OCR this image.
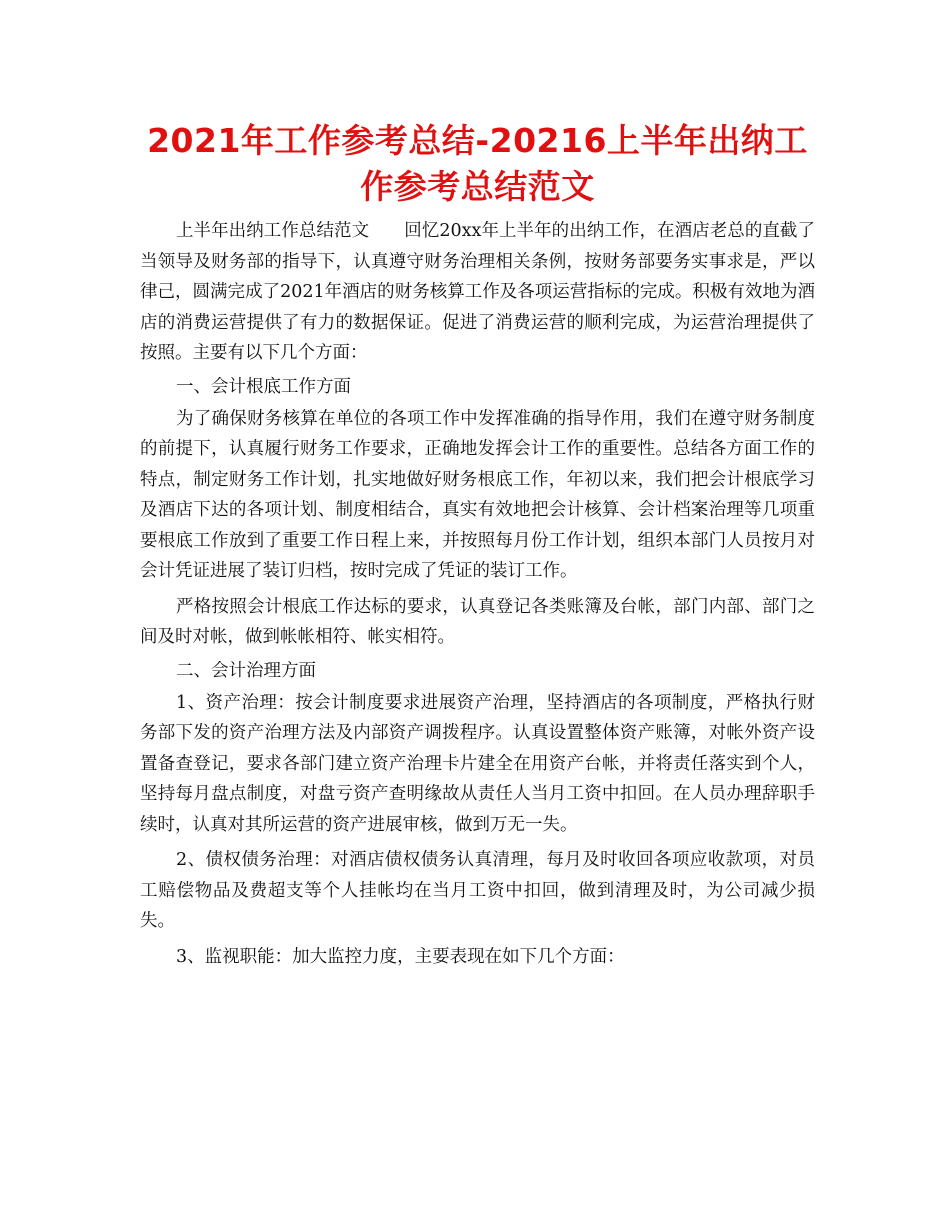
2021年工作参考总结-20216上半年出纳工作参考总结范文

上半年出纳工作总结范文　　回忆20xx年上半年的出纳工作，在酒店老总的直截了当领导及财务部的指导下，认真遵守财务治理相关条例，按财务部要务实事求是，严以律己，圆满完成了2021年酒店的财务核算工作及各项运营指标的完成。积极有效地为酒店的消费运营提供了有力的数据保证。促进了消费运营的顺利完成，为运营治理提供了按照。主要有以下几个方面：

一、会计根底工作方面

为了确保财务核算在单位的各项工作中发挥准确的指导作用，我们在遵守财务制度的前提下，认真履行财务工作要求，正确地发挥会计工作的重要性。总结各方面工作的特点，制定财务工作计划，扎实地做好财务根底工作，年初以来，我们把会计根底学习及酒店下达的各项计划、制度相结合，真实有效地把会计核算、会计档案治理等几项重要根底工作放到了重要工作日程上来，并按照每月份工作计划，组织本部门人员按月对会计凭证进展了装订归档，按时完成了凭证的装订工作。

严格按照会计根底工作达标的要求，认真登记各类账簿及台帐，部门内部、部门之间及时对帐，做到帐帐相符、帐实相符。

二、会计治理方面

1、资产治理：按会计制度要求进展资产治理，坚持酒店的各项制度，严格执行财务部下发的资产治理方法及内部资产调拨程序。认真设置整体资产账簿，对帐外资产设置备查登记，要求各部门建立资产治理卡片建全在用资产台帐，并将责任落实到个人，坚持每月盘点制度，对盘亏资产查明缘故从责任人当月工资中扣回。在人员办理辞职手续时，认真对其所运营的资产进展审核，做到万无一失。

2、债权债务治理：对酒店债权债务认真清理，每月及时收回各项应收款项，对员工赔偿物品及费超支等个人挂帐均在当月工资中扣回，做到清理及时，为公司减少损失。

3、监视职能：加大监控力度，主要表现在如下几个方面：
